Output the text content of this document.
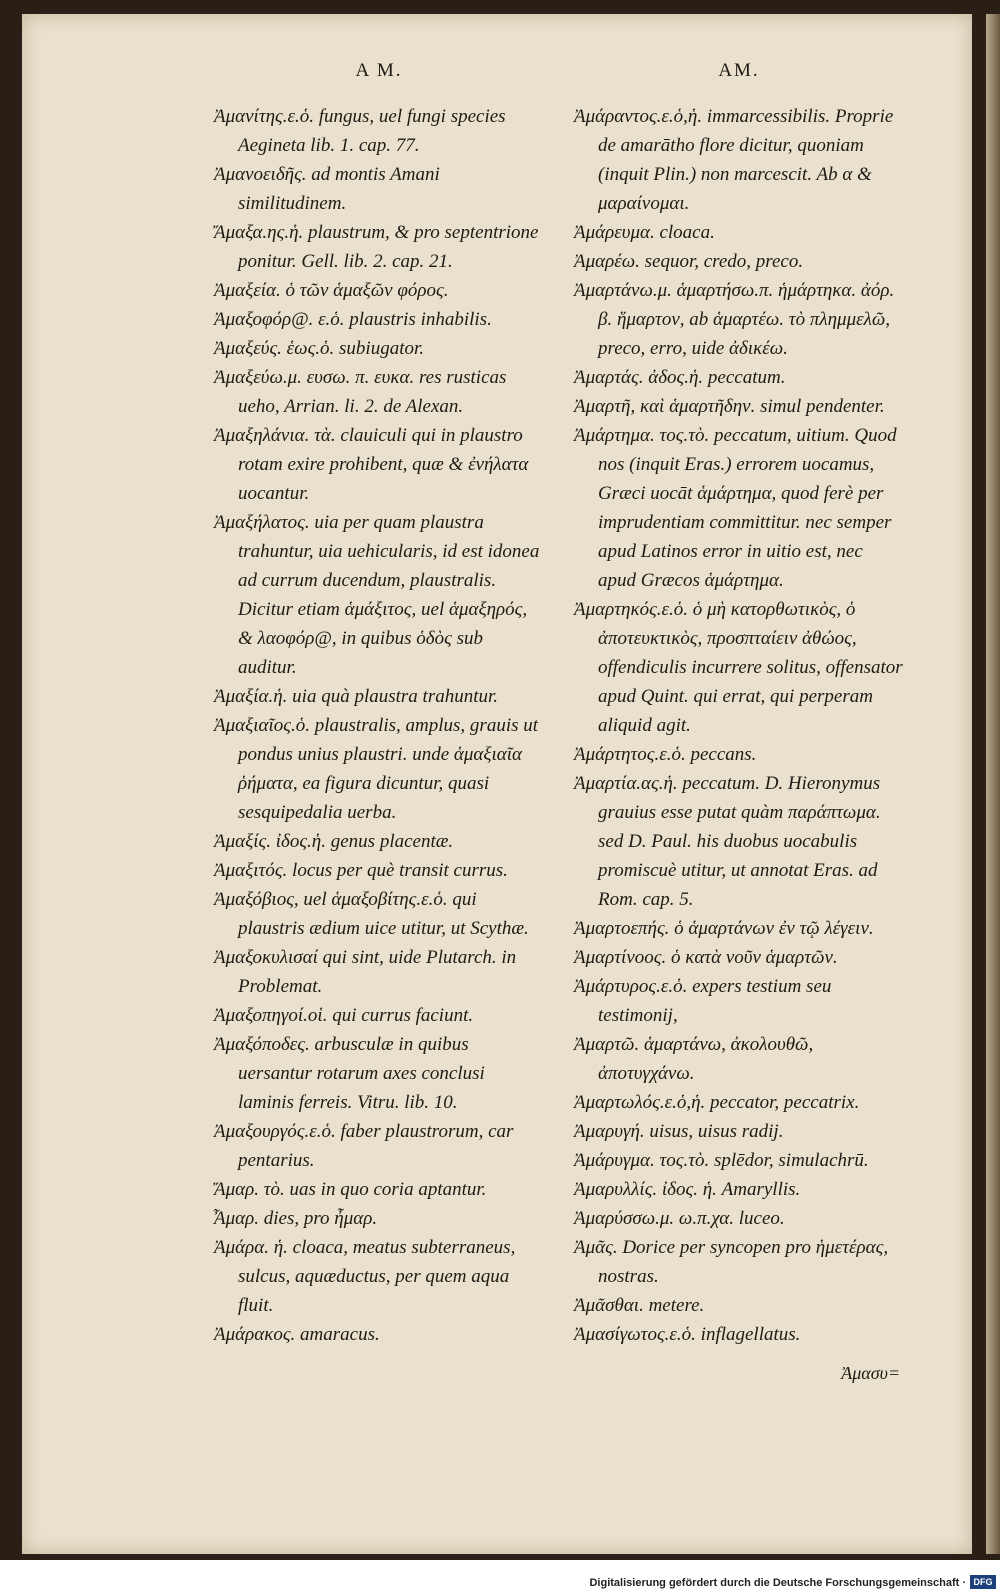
A M.

Ἀμανίτης.ε.ὁ. fungus, uel fungi species Aegineta lib. 1. cap. 77.

Ἀμανοειδῆς. ad montis Amani similitudinem.

Ἄμαξα.ης.ἡ. plaustrum, & pro septentrione ponitur. Gell. lib. 2. cap. 21.

Ἀμαξεία. ὁ τῶν ἁμαξῶν φόρος.

Ἀμαξοφόρ@. ε.ὁ. plaustris inhabilis.

Ἀμαξεύς. ἑως.ὁ. subiugator.

Ἀμαξεύω.μ. ευσω. π. ευκα. res rusticas ueho, Arrian. li. 2. de Alexan.

Ἀμαξηλάνια. τὰ. clauiculi qui in plaustro rotam exire prohibent, quæ & ἐνήλατα uocantur.

Ἀμαξήλατος. uia per quam plaustra trahuntur, uia uehicularis, id est idonea ad currum ducendum, plaustralis. Dicitur etiam ἁμάξιτος, uel ἁμαξηρός, & λαοφόρ@, in quibus ὁδὸς sub auditur.

Ἀμαξία.ἡ. uia quà plaustra trahuntur.

Ἀμαξιαῖος.ὁ. plaustralis, amplus, grauis ut pondus unius plaustri. unde ἁμαξιαῖα ῥήματα, ea figura dicuntur, quasi sesquipedalia uerba.

Ἀμαξίς. ἰδος.ἡ. genus placentæ.

Ἀμαξιτός. locus per què transit currus.

Ἀμαξόβιος, uel ἁμαξοβίτης.ε.ὁ. qui plaustris ædium uice utitur, ut Scythæ.

Ἀμαξοκυλισαί qui sint, uide Plutarch. in Problemat.

Ἀμαξοπηγοί.οἱ. qui currus faciunt.

Ἀμαξόποδες. arbusculæ in quibus uersantur rotarum axes conclusi laminis ferreis. Vitru. lib. 10.

Ἀμαξουργός.ε.ὁ. faber plaustrorum, car pentarius.

Ἄμαρ. τὸ. uas in quo coria aptantur.

Ἆμαρ. dies, pro ἦμαρ.

Ἀμάρα. ἡ. cloaca, meatus subterraneus, sulcus, aquæductus, per quem aqua fluit.

Ἀμάρακος. amaracus.

AM.

Ἀμάραντος.ε.ὁ,ἡ. immarcessibilis. Proprie de amarātho flore dicitur, quoniam (inquit Plin.) non marcescit. Ab α & μαραίνομαι.

Ἀμάρευμα. cloaca.

Ἀμαρέω. sequor, credo, preco.

Ἀμαρτάνω.μ. ἁμαρτήσω.π. ἡμάρτηκα. ἀόρ. β. ἥμαρτον, ab ἁμαρτέω. τὸ πλημμελῶ, preco, erro, uide ἀδικέω.

Ἀμαρτάς. ἀδος.ἡ. peccatum.

Ἀμαρτῆ, καὶ ἁμαρτῆδην. simul pendenter.

Ἀμάρτημα. τος.τὸ. peccatum, uitium. Quod nos (inquit Eras.) errorem uocamus, Græci uocāt ἁμάρτημα, quod ferè per imprudentiam committitur. nec semper apud Latinos error in uitio est, nec apud Græcos ἁμάρτημα.

Ἀμαρτηκός.ε.ὁ. ὁ μὴ κατορθωτικὸς, ὁ ἀποτευκτικὸς, προσπταίειν ἀθώος, offendiculis incurrere solitus, offensator apud Quint. qui errat, qui perperam aliquid agit.

Ἀμάρτητος.ε.ὁ. peccans.

Ἀμαρτία.ας.ἡ. peccatum. D. Hieronymus grauius esse putat quàm παράπτωμα. sed D. Paul. his duobus uocabulis promiscuè utitur, ut annotat Eras. ad Rom. cap. 5.

Ἀμαρτοεπής. ὁ ἁμαρτάνων ἐν τῷ λέγειν.

Ἀμαρτίνοος. ὁ κατὰ νοῦν ἁμαρτῶν.

Ἀμάρτυρος.ε.ὁ. expers testium seu testimonij,

Ἀμαρτῶ. ἁμαρτάνω, ἀκολουθῶ, ἀποτυγχάνω.

Ἀμαρτωλός.ε.ὁ,ἡ. peccator, peccatrix.

Ἀμαρυγή. uisus, uisus radij.

Ἀμάρυγμα. τος.τὸ. splēdor, simulachrū.

Ἀμαρυλλίς. ἰδος. ἡ. Amaryllis.

Ἀμαρύσσω.μ. ω.π.χα. luceo.

Ἀμᾶς. Dorice per syncopen pro ἡμετέρας, nostras.

Ἀμᾶσθαι. metere.

Ἀμασίγωτος.ε.ὁ. inflagellatus.

Ἀμασυ=
Digitalisierung gefördert durch die Deutsche Forschungsgemeinschaft · DFG
